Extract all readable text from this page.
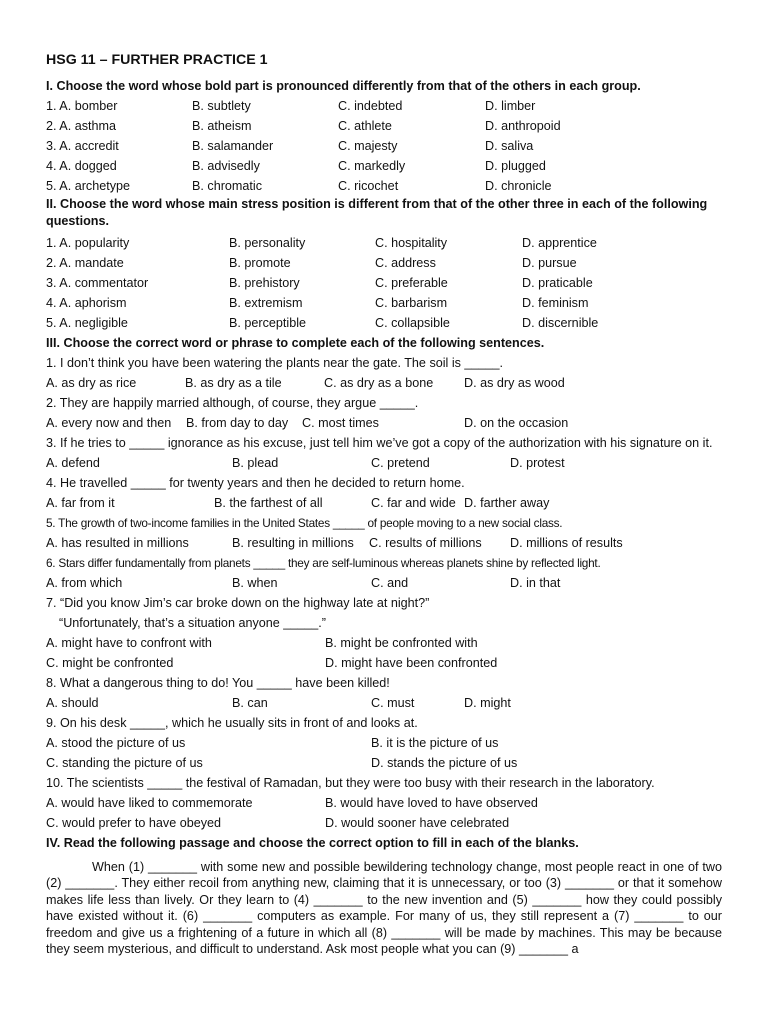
HSG 11 – FURTHER PRACTICE 1
I. Choose the word whose bold part is pronounced differently from that of the others in each group.
1. A. bomber	B. subtlety	C. indebted	D. limber
2. A. asthma	B. atheism	C. athlete	D. anthropoid
3. A. accredit	B. salamander	C. majesty	D. saliva
4. A. dogged	B. advisedly	C. markedly	D. plugged
5. A. archetype	B. chromatic	C. ricochet	D. chronicle
II. Choose the word whose main stress position is different from that of the other three in each of the following questions.
1. A. popularity	B. personality	C. hospitality	D. apprentice
2. A. mandate	B. promote	C. address	D. pursue
3. A. commentator	B. prehistory	C. preferable	D. praticable
4. A. aphorism	B. extremism	C. barbarism	D. feminism
5. A. negligible	B. perceptible	C. collapsible	D. discernible
III. Choose the correct word or phrase to complete each of the following sentences.
1. I don’t think you have been watering the plants near the gate. The soil is _____.
A. as dry as rice	B. as dry as a tile	C. as dry as a bone D. as dry as wood
2. They are happily married although, of course, they argue _____.
A. every now and then B. from day to day C. most times	D. on the occasion
3. If he tries to _____ ignorance as his excuse, just tell him we’ve got a copy of the authorization with his signature on it.
A. defend	B. plead	C. pretend	D. protest
4. He travelled _____ for twenty years and then he decided to return home.
A. far from it	B. the farthest of all	C. far and wide D. farther away
5. The growth of two-income families in the United States _____ of people moving to a new social class.
A. has resulted in millions	B. resulting in millions C. results of millions D. millions of results
6. Stars differ fundamentally from planets _____ they are self-luminous whereas planets shine by reflected light.
A. from which	B. when	C. and	D. in that
7. “Did you know Jim’s car broke down on the highway late at night?”
“Unfortunately, that’s a situation anyone _____.”
A. might have to confront with	B. might be confronted with
C. might be confronted	D. might have been confronted
8. What a dangerous thing to do! You _____ have been killed!
A. should	B. can	C. must	D. might
9. On his desk _____, which he usually sits in front of and looks at.
A. stood the picture of us	B. it is the picture of us
C. standing the picture of us	D. stands the picture of us
10. The scientists _____ the festival of Ramadan, but they were too busy with their research in the laboratory.
A. would have liked to commemorate	B. would have loved to have observed
C. would prefer to have obeyed	D. would sooner have celebrated
IV. Read the following passage and choose the correct option to fill in each of the blanks.
When (1) _______ with some new and possible bewildering technology change, most people react in one of two (2) _______. They either recoil from anything new, claiming that it is unnecessary, or too (3) _______ or that it somehow makes life less than lively. Or they learn to (4) _______ to the new invention and (5) _______ how they could possibly have existed without it. (6) _______ computers as example. For many of us, they still represent a (7) _______ to our freedom and give us a frightening of a future in which all (8) _______ will be made by machines. This may be because they seem mysterious, and difficult to understand. Ask most people what you can (9) _______ a
